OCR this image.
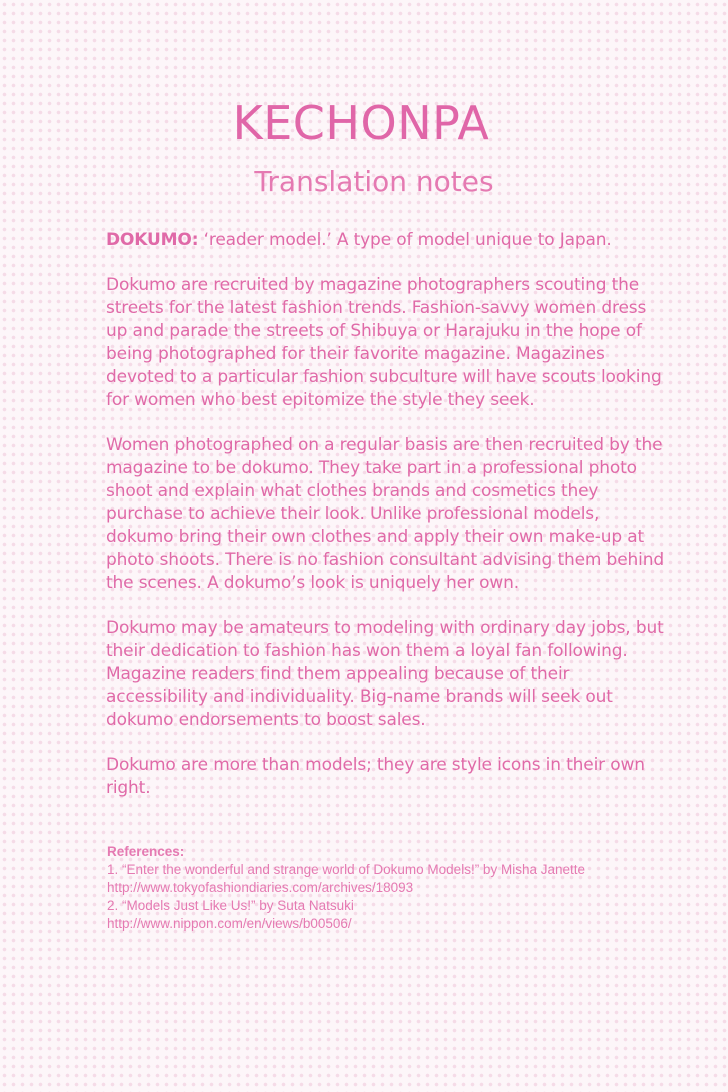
KECHONPA
Translation notes

DOKUMO: ‘reader model.’ A type of model unique to Japan.

Dokumo are recruited by magazine photographers scouting the streets for the latest fashion trends. Fashion-savvy women dress up and parade the streets of Shibuya or Harajuku in the hope of being photographed for their favorite magazine. Magazines devoted to a particular fashion subculture will have scouts looking for women who best epitomize the style they seek.

Women photographed on a regular basis are then recruited by the magazine to be dokumo. They take part in a professional photo shoot and explain what clothes brands and cosmetics they purchase to achieve their look. Unlike professional models, dokumo bring their own clothes and apply their own make-up at photo shoots. There is no fashion consultant advising them behind the scenes. A dokumo’s look is uniquely her own.

Dokumo may be amateurs to modeling with ordinary day jobs, but their dedication to fashion has won them a loyal fan following. Magazine readers find them appealing because of their accessibility and individuality. Big-name brands will seek out dokumo endorsements to boost sales.

Dokumo are more than models; they are style icons in their own right.

References:
1. “Enter the wonderful and strange world of Dokumo Models!” by Misha Janette
http://www.tokyofashiondiaries.com/archives/18093
2. “Models Just Like Us!” by Suta Natsuki
http://www.nippon.com/en/views/b00506/
